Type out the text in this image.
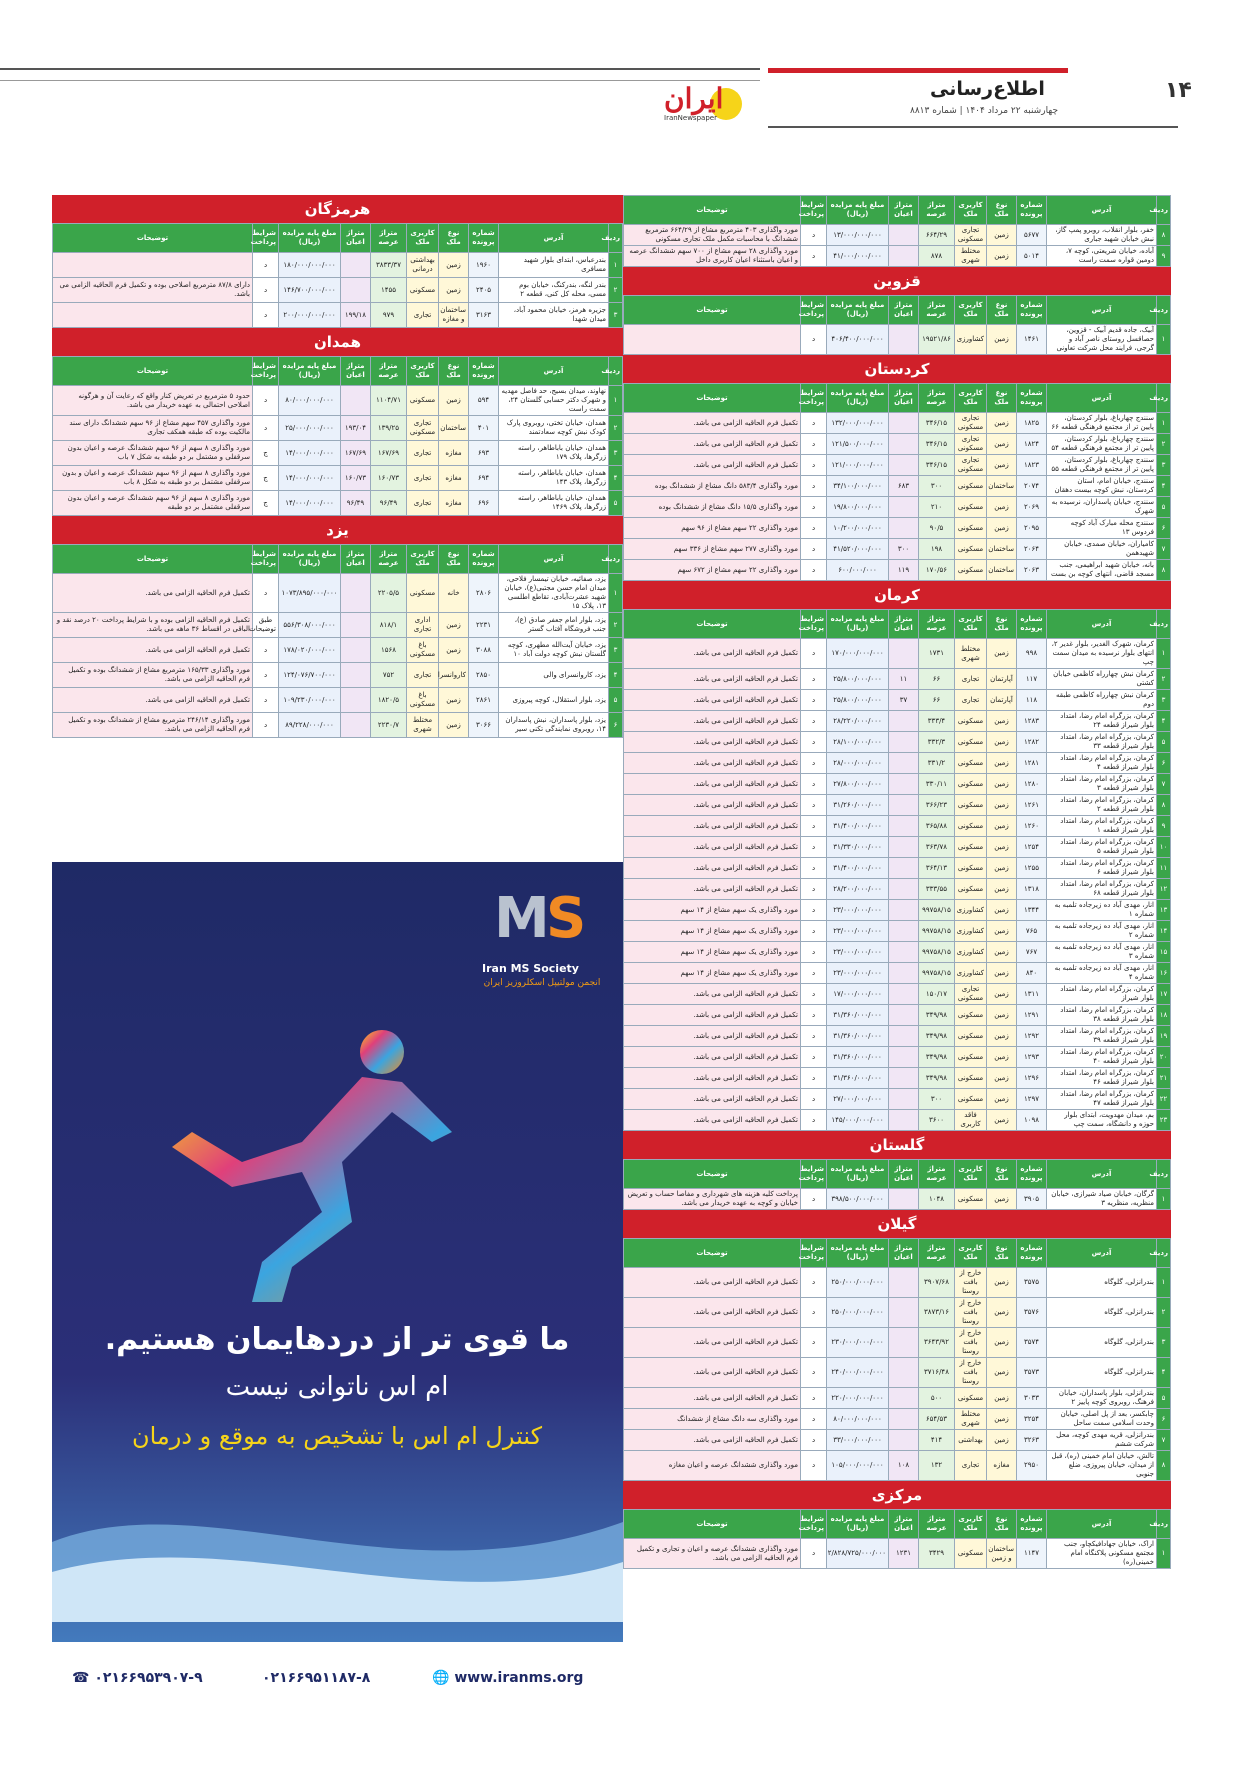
۱۴
اطلاع‌رسانی
چهارشنبه ۲۲ مرداد ۱۴۰۴ | شماره ۸۸۱۳
ایران
IranNewspaper
ردیف	آدرس	شماره پرونده	نوع ملک	کاربری ملک	متراژ عرصه	متراژ اعیان	مبلغ پایه مزایده (ریال)	شرایط پرداخت	توضیحات
۸	خفر، بلوار انقلاب، روبرو پمپ گاز، نبش خیابان شهید جباری	۵۶۷۷	زمین	تجاری مسکونی	۶۶۴/۲۹		۱۳/۰۰۰/۰۰۰/۰۰۰	د	مورد واگذاری ۴۰۳ مترمربع مشاع از ۶۶۴/۲۹ مترمربع ششدانگ با محاسبات مکمل ملک تجاری مسکونی
۹	آباده، خیابان شریعتی، کوچه ۷، دومین قواره سمت راست	۵۰۱۴	زمین	مختلط شهری	۸۷۸		۴۱/۰۰۰/۰۰۰/۰۰۰	د	مورد واگذاری ۲۸ سهم مشاع از ۷۰۰ سهم ششدانگ عرصه و اعیان باستثناء اعیان کاربری داخل
قزوین
ردیف	آدرس	شماره پرونده	نوع ملک	کاربری ملک	متراژ عرصه	متراژ اعیان	مبلغ پایه مزایده (ریال)	شرایط پرداخت	توضیحات
۱	آبیک، جاده قدیم آبیک - قزوین، حصاقسل روستای ناصر آباد و گرجی، فرایند محل شرکت تعاونی	۱۴۶۱	زمین	کشاورزی	۱۹۵۲۱/۸۶		۴۰۶/۴۰۰/۰۰۰/۰۰۰	د	
کردستان
ردیف	آدرس	شماره پرونده	نوع ملک	کاربری ملک	متراژ عرصه	متراژ اعیان	مبلغ پایه مزایده (ریال)	شرایط پرداخت	توضیحات
۱	سنندج چهارباغ، بلوار کردستان، پایین تر از مجتمع فرهنگی قطعه ۶۶	۱۸۲۵	زمین	تجاری مسکونی	۳۴۶/۱۵		۱۳۲/۰۰۰/۰۰۰/۰۰۰	د	تکمیل فرم الحاقیه الزامی می باشد.
۲	سنندج چهارباغ، بلوار کردستان، پایین تر از مجتمع فرهنگی قطعه ۵۴	۱۸۲۴	زمین	تجاری مسکونی	۳۴۶/۱۵		۱۲۱/۵۰۰/۰۰۰/۰۰۰	د	تکمیل فرم الحاقیه الزامی می باشد.
۳	سنندج چهارباغ، بلوار کردستان، پایین تر از مجتمع فرهنگی قطعه ۵۵	۱۸۲۳	زمین	تجاری مسکونی	۳۴۶/۱۵		۱۲۱/۰۰۰/۰۰۰/۰۰۰	د	تکمیل فرم الحاقیه الزامی می باشد.
۴	سنندج، خیابان امام، استان کردستان، نبش کوچه بیست دهقان	۲۰۷۴	ساختمان	مسکونی	۳۰۰	۶۸۳	۳۴/۱۰۰/۰۰۰/۰۰۰	د	مورد واگذاری ۵۸۳/۴ دانگ مشاع از ششدانگ بوده
۵	سنندج، خیابان پاسداران، نرسیده به شهرک	۲۰۶۹	زمین	مسکونی	۲۱۰		۱۹/۸۰۰/۰۰۰/۰۰۰	د	مورد واگذاری ۱۵/۵ دانگ مشاع از ششدانگ بوده
۶	سنندج محله مبارک آباد کوچه فردوس ۱۳	۲۰۹۵	زمین	مسکونی	۹۰/۵		۱۰/۲۰۰/۰۰۰/۰۰۰	د	مورد واگذاری ۲۲ سهم مشاع از ۹۶ سهم
۷	کامیاران، خیابان صمدی، خیابان شهیدهمن	۲۰۶۴	ساختمان	مسکونی	۱۹۸	۳۰۰	۴۱/۵۲۰/۰۰۰/۰۰۰	د	مورد واگذاری ۲۷۷ سهم مشاع از ۳۳۶ سهم
۸	بانه، خیابان شهید ابراهیمی، جنب مسجد قاضی، انتهای کوچه بن بست	۲۰۶۳	ساختمان	مسکونی	۱۷۰/۵۶	۱۱۹	۶۰۰/۰۰۰/۰۰۰	د	مورد واگذاری ۲۲ سهم مشاع از ۶۷۲ سهم
کرمان
ردیف	آدرس	شماره پرونده	نوع ملک	کاربری ملک	متراژ عرصه	متراژ اعیان	مبلغ پایه مزایده (ریال)	شرایط پرداخت	توضیحات
۱	کرمان، شهرک الغدیر، بلوار غدیر ۲، انتهای بلوار نرسیده به میدان سمت چپ	۹۹۸	زمین	مختلط شهری	۱۷۳۱		۱۷۰/۰۰۰/۰۰۰/۰۰۰	د	تکمیل فرم الحاقیه الزامی می باشد.
۲	کرمان نبش چهارراه کاظمی خیابان کشتی	۱۱۷	آپارتمان	تجاری	۶۶	۱۱	۲۵/۸۰۰/۰۰۰/۰۰۰	د	تکمیل فرم الحاقیه الزامی می باشد.
۳	کرمان نبش چهارراه کاظمی طبقه دوم	۱۱۸	آپارتمان	تجاری	۶۶	۳۷	۲۵/۸۰۰/۰۰۰/۰۰۰	د	تکمیل فرم الحاقیه الزامی می باشد.
۴	کرمان، بزرگراه امام رضا، امتداد بلوار شیراز قطعه ۲۴	۱۲۸۳	زمین	مسکونی	۳۳۳/۴		۲۸/۲۲۰/۰۰۰/۰۰۰	د	تکمیل فرم الحاقیه الزامی می باشد.
۵	کرمان، بزرگراه امام رضا، امتداد بلوار شیراز قطعه ۳۳	۱۲۸۲	زمین	مسکونی	۳۳۲/۳		۲۸/۱۰۰/۰۰۰/۰۰۰	د	تکمیل فرم الحاقیه الزامی می باشد.
۶	کرمان، بزرگراه امام رضا، امتداد بلوار شیراز قطعه ۴	۱۲۸۱	زمین	مسکونی	۳۳۱/۲		۲۸/۰۰۰/۰۰۰/۰۰۰	د	تکمیل فرم الحاقیه الزامی می باشد.
۷	کرمان، بزرگراه امام رضا، امتداد بلوار شیراز قطعه ۳	۱۲۸۰	زمین	مسکونی	۳۳۰/۱۱		۲۷/۸۰۰/۰۰۰/۰۰۰	د	تکمیل فرم الحاقیه الزامی می باشد.
۸	کرمان، بزرگراه امام رضا، امتداد بلوار شیراز قطعه ۲	۱۲۶۱	زمین	مسکونی	۳۶۶/۲۳		۳۱/۲۶۰/۰۰۰/۰۰۰	د	تکمیل فرم الحاقیه الزامی می باشد.
۹	کرمان، بزرگراه امام رضا، امتداد بلوار شیراز قطعه ۱	۱۲۶۰	زمین	مسکونی	۳۶۵/۸۸		۳۱/۴۰۰/۰۰۰/۰۰۰	د	تکمیل فرم الحاقیه الزامی می باشد.
۱۰	کرمان، بزرگراه امام رضا، امتداد بلوار شیراز قطعه ۵	۱۲۵۴	زمین	مسکونی	۳۶۳/۷۸		۳۱/۳۳۰/۰۰۰/۰۰۰	د	تکمیل فرم الحاقیه الزامی می باشد.
۱۱	کرمان، بزرگراه امام رضا، امتداد بلوار شیراز قطعه ۶	۱۲۵۵	زمین	مسکونی	۳۶۴/۱۳		۳۱/۴۰۰/۰۰۰/۰۰۰	د	تکمیل فرم الحاقیه الزامی می باشد.
۱۲	کرمان، بزرگراه امام رضا، امتداد بلوار شیراز قطعه ۶۸	۱۳۱۸	زمین	مسکونی	۳۳۳/۵۵		۲۸/۲۰۰/۰۰۰/۰۰۰	د	تکمیل فرم الحاقیه الزامی می باشد.
۱۳	انار، مهدی آباد ده زیرجاده تلمبه به شماره ۱	۱۳۴۴	زمین	کشاورزی	۹۹۷۵۸/۱۵		۲۳/۰۰۰/۰۰۰/۰۰۰	د	مورد واگذاری یک سهم مشاع از ۱۴ سهم
۱۴	انار، مهدی آباد ده زیرجاده تلمبه به شماره ۲	۷۶۵	زمین	کشاورزی	۹۹۷۵۸/۱۵		۲۳/۰۰۰/۰۰۰/۰۰۰	د	مورد واگذاری یک سهم مشاع از ۱۴ سهم
۱۵	انار، مهدی آباد ده زیرجاده تلمبه به شماره ۳	۷۶۷	زمین	کشاورزی	۹۹۷۵۸/۱۵		۲۳/۰۰۰/۰۰۰/۰۰۰	د	مورد واگذاری یک سهم مشاع از ۱۴ سهم
۱۶	انار، مهدی آباد ده زیرجاده تلمبه به شماره ۴	۸۴۰	زمین	کشاورزی	۹۹۷۵۸/۱۵		۲۳/۰۰۰/۰۰۰/۰۰۰	د	مورد واگذاری یک سهم مشاع از ۱۴ سهم
۱۷	کرمان، بزرگراه امام رضا، امتداد بلوار شیراز	۱۳۱۱	زمین	تجاری مسکونی	۱۵۰/۱۷		۱۷/۰۰۰/۰۰۰/۰۰۰	د	تکمیل فرم الحاقیه الزامی می باشد.
۱۸	کرمان، بزرگراه امام رضا، امتداد بلوار شیراز قطعه ۳۸	۱۲۹۱	زمین	مسکونی	۳۴۹/۹۸		۳۱/۳۶۰/۰۰۰/۰۰۰	د	تکمیل فرم الحاقیه الزامی می باشد.
۱۹	کرمان، بزرگراه امام رضا، امتداد بلوار شیراز قطعه ۳۹	۱۲۹۲	زمین	مسکونی	۳۴۹/۹۸		۳۱/۳۶۰/۰۰۰/۰۰۰	د	تکمیل فرم الحاقیه الزامی می باشد.
۲۰	کرمان، بزرگراه امام رضا، امتداد بلوار شیراز قطعه ۴۰	۱۲۹۳	زمین	مسکونی	۳۴۹/۹۸		۳۱/۳۶۰/۰۰۰/۰۰۰	د	تکمیل فرم الحاقیه الزامی می باشد.
۲۱	کرمان، بزرگراه امام رضا، امتداد بلوار شیراز قطعه ۴۶	۱۲۹۶	زمین	مسکونی	۳۴۹/۹۸		۳۱/۳۶۰/۰۰۰/۰۰۰	د	تکمیل فرم الحاقیه الزامی می باشد.
۲۲	کرمان، بزرگراه امام رضا، امتداد بلوار شیراز قطعه ۴۷	۱۲۹۷	زمین	مسکونی	۳۰۰		۲۷/۰۰۰/۰۰۰/۰۰۰	د	تکمیل فرم الحاقیه الزامی می باشد.
۲۳	بم، میدان مهدویت، ابتدای بلوار حوزه و دانشگاه، سمت چپ	۱۰۹۸	زمین	فاقد کاربری	۳۶۰۰		۱۴۵/۰۰۰/۰۰۰/۰۰۰	د	تکمیل فرم الحاقیه الزامی می باشد.
گلستان
ردیف	آدرس	شماره پرونده	نوع ملک	کاربری ملک	متراژ عرصه	متراژ اعیان	مبلغ پایه مزایده (ریال)	شرایط پرداخت	توضیحات
۱	گرگان، خیابان صیاد شیرازی، خیابان منظریه، منظریه ۳	۳۹۰۵	زمین	مسکونی	۱۰۴۸		۳۹۸/۵۰۰/۰۰۰/۰۰۰	د	پرداخت کلیه هزینه های شهرداری و مفاصا حساب و تعریض خیابان و کوچه به عهده خریدار می باشد.
گیلان
ردیف	آدرس	شماره پرونده	نوع ملک	کاربری ملک	متراژ عرصه	متراژ اعیان	مبلغ پایه مزایده (ریال)	شرایط پرداخت	توضیحات
۱	بندرانزلی، گلوگاه	۳۵۷۵	زمین	خارج از بافت روستا	۳۹۰۷/۶۸		۲۵۰/۰۰۰/۰۰۰/۰۰۰	د	تکمیل فرم الحاقیه الزامی می باشد.
۲	بندرانزلی، گلوگاه	۳۵۷۶	زمین	خارج از بافت روستا	۳۸۷۳/۱۶		۲۵۰/۰۰۰/۰۰۰/۰۰۰	د	تکمیل فرم الحاقیه الزامی می باشد.
۳	بندرانزلی، گلوگاه	۳۵۷۴	زمین	خارج از بافت روستا	۳۶۴۳/۹۲		۲۳۰/۰۰۰/۰۰۰/۰۰۰	د	تکمیل فرم الحاقیه الزامی می باشد.
۴	بندرانزلی، گلوگاه	۳۵۷۳	زمین	خارج از بافت روستا	۳۷۱۶/۴۸		۲۴۰/۰۰۰/۰۰۰/۰۰۰	د	تکمیل فرم الحاقیه الزامی می باشد.
۵	بندرانزلی، بلوار پاسداران، خیابان فرهنگ، روبروی کوچه پاییز ۲	۳۰۳۳	زمین	مسکونی	۵۰۰		۲۲۰/۰۰۰/۰۰۰/۰۰۰	د	تکمیل فرم الحاقیه الزامی می باشد.
۶	چابکسر، بعد از پل اصلی، خیابان وحدت اسلامی سمت ساحل	۳۲۵۴	زمین	مختلط شهری	۶۵۴/۵۳		۸۰/۰۰۰/۰۰۰/۰۰۰	د	مورد واگذاری سه دانگ مشاع از ششدانگ
۷	بندرانزلی، قریه مهدی کوچه، محل شرکت ششم	۳۲۶۳	زمین	بهداشتی	۴۱۴		۳۳/۰۰۰/۰۰۰/۰۰۰	د	تکمیل فرم الحاقیه الزامی می باشد.
۸	تالش، خیابان امام خمینی (ره)، قبل از میدان، خیابان پیروزی، ضلع جنوبی	۲۹۵۰	مغازه	تجاری	۱۳۲	۱۰۸	۱۰۵/۰۰۰/۰۰۰/۰۰۰	د	مورد واگذاری ششدانگ عرصه و اعیان مغازه
مرکزی
ردیف	آدرس	شماره پرونده	نوع ملک	کاربری ملک	متراژ عرصه	متراژ اعیان	مبلغ پایه مزایده (ریال)	شرایط پرداخت	توضیحات
۱	اراک، خیابان جهادافیکچاو، جنب مجتمع مسکونی پلاکنگاه امام خمینی(ره)	۱۱۴۷	ساختمان و زمین	مسکونی	۳۴۲۹	۱۲۳۱	۲/۸۲۸/۷۲۵/۰۰۰/۰۰۰	د	مورد واگذاری ششدانگ عرصه و اعیان و تجاری و تکمیل فرم الحاقیه الزامی می باشد.
هرمزگان
ردیف	آدرس	شماره پرونده	نوع ملک	کاربری ملک	متراژ عرصه	متراژ اعیان	مبلغ پایه مزایده (ریال)	شرایط پرداخت	توضیحات
۱	بندرعباس، ابتدای بلوار شهید مسافری	۱۹۶۰	زمین	بهداشتی درمانی	۳۸۳۳/۳۷		۱۸۰/۰۰۰/۰۰۰/۰۰۰	د	
۲	بندر لنگه، بندرکنگ، خیابان بوم مسی، محله کل کنی، قطعه ۲	۲۴۰۵	زمین	مسکونی	۱۴۵۵		۱۴۶/۷۰۰/۰۰۰/۰۰۰	د	دارای ۸۷/۸ مترمربع اصلاحی بوده و تکمیل فرم الحاقیه الزامی می باشد.
۳	جزیره هرمز، خیابان محمود آباد، میدان شهدا	۳۱۶۳	ساختمان و مغازه	تجاری	۹۷۹	۱۹۹/۱۸	۲۰۰/۰۰۰/۰۰۰/۰۰۰	د	
همدان
ردیف	آدرس	شماره پرونده	نوع ملک	کاربری ملک	متراژ عرصه	متراژ اعیان	مبلغ پایه مزایده (ریال)	شرایط پرداخت	توضیحات
۱	نهاوند، میدان بسیج، حد فاصل مهدیه و شهرک دکتر حسابی گلستان ۲۴، سمت راست	۵۹۴	زمین	مسکونی	۱۱۰۴/۷۱		۸۰/۰۰۰/۰۰۰/۰۰۰	د	حدود ۵ مترمربع در تعریض کنار واقع که رعایت آن و هرگونه اصلاحی احتمالی به عهده خریدار می باشد.
۲	همدان، خیابان تختی، روبروی پارک کودک نبش کوچه سعادتمند	۴۰۱	ساختمان	تجاری مسکونی	۱۳۹/۲۵	۱۹۳/۰۴	۲۵/۰۰۰/۰۰۰/۰۰۰	د	مورد واگذاری ۴۵۷ سهم مشاع از ۹۶ سهم ششدانگ دارای سند مالکیت بوده که طبقه همکف تجاری
۳	همدان، خیابان باباطاهر، راسته زرگرها، پلاک ۱۷۹	۶۹۳	مغازه	تجاری	۱۶۷/۶۹	۱۶۷/۶۹	۱۴/۰۰۰/۰۰۰/۰۰۰	ج	مورد واگذاری ۸ سهم از ۹۶ سهم ششدانگ عرصه و اعیان بدون سرقفلی و مشتمل بر دو طبقه به شکل ۷ باب
۴	همدان، خیابان باباطاهر، راسته زرگرها، پلاک ۱۴۳	۶۹۴	مغازه	تجاری	۱۶۰/۷۳	۱۶۰/۷۳	۱۴/۰۰۰/۰۰۰/۰۰۰	ج	مورد واگذاری ۸ سهم از ۹۶ سهم ششدانگ عرصه و اعیان و بدون سرقفلی مشتمل بر دو طبقه به شکل ۸ باب
۵	همدان، خیابان باباطاهر، راسته زرگرها، پلاک ۱۴۶۹	۶۹۶	مغازه	تجاری	۹۶/۴۹	۹۶/۴۹	۱۴/۰۰۰/۰۰۰/۰۰۰	ج	مورد واگذاری ۸ سهم از ۹۶ سهم ششدانگ عرصه و اعیان بدون سرقفلی مشتمل بر دو طبقه
یزد
ردیف	آدرس	شماره پرونده	نوع ملک	کاربری ملک	متراژ عرصه	متراژ اعیان	مبلغ پایه مزایده (ریال)	شرایط پرداخت	توضیحات
۱	یزد، صفائیه، خیابان تیمسار فلاحی، میدان امام حسن مجتبی(ع)، خیابان شهید عشرت‌آبادی، تقاطع اطلسی ۱۳، پلاک ۱۵	۲۸۰۶	خانه	مسکونی	۲۲۰۵/۵		۱۰۷۳/۸۹۵/۰۰۰/۰۰۰	د	تکمیل فرم الحاقیه الزامی می باشد.
۲	یزد، بلوار امام جعفر صادق (ع)، جنب فروشگاه آفتاب گستر	۲۲۳۱	زمین	اداری تجاری	۸۱۸/۱		۵۵۶/۳۰۸/۰۰۰/۰۰۰	طبق توضیحات	تکمیل فرم الحاقیه الزامی بوده و با شرایط پرداخت ۲۰ درصد نقد و الباقی در اقساط ۳۶ ماهه می باشد.
۳	یزد، خیابان آیت‌الله مطهری، کوچه گلستان نبش کوچه دولت آباد ۱۰	۳۰۸۸	زمین	باغ مسکونی	۱۵۶۸		۱۷۸/۰۲۰/۰۰۰/۰۰۰	د	تکمیل فرم الحاقیه الزامی می باشد.
۴	یزد، کاروانسرای والی	۲۸۵۰	کاروانسرا	تجاری	۷۵۲		۱۲۴/۰۷۶/۷۰۰/۰۰۰	د	مورد واگذاری ۱۶۵/۳۳ مترمربع مشاع از ششدانگ بوده و تکمیل فرم الحاقیه الزامی می باشد.
۵	یزد، بلوار استقلال، کوچه پیروزی	۲۸۶۱	زمین	باغ مسکونی	۱۸۲۰/۵		۱۰۹/۲۳۰/۰۰۰/۰۰۰	د	تکمیل فرم الحاقیه الزامی می باشد.
۶	یزد، بلوار پاسداران، نبش پاسداران ۱۴، روبروی نمایندگی تکنی سیر	۳۰۶۶	زمین	مختلط شهری	۲۲۳۰/۷		۸۹/۲۲۸/۰۰۰/۰۰۰	د	مورد واگذاری ۲۴۶/۱۴ مترمربع مشاع از ششدانگ بوده و تکمیل فرم الحاقیه الزامی می باشد.
M
S
Iran MS Society
انجمن مولتیپل اسکلروزیز ایران
ما قوی تر از دردهایمان هستیم.
ام اس ناتوانی نیست
کنترل ام اس با تشخیص به موقع و درمان
☎ ۰۲۱۶۶۹۵۳۹۰۷-۹	۰۲۱۶۶۹۵۱۱۸۷-۸	🌐 www.iranms.org
